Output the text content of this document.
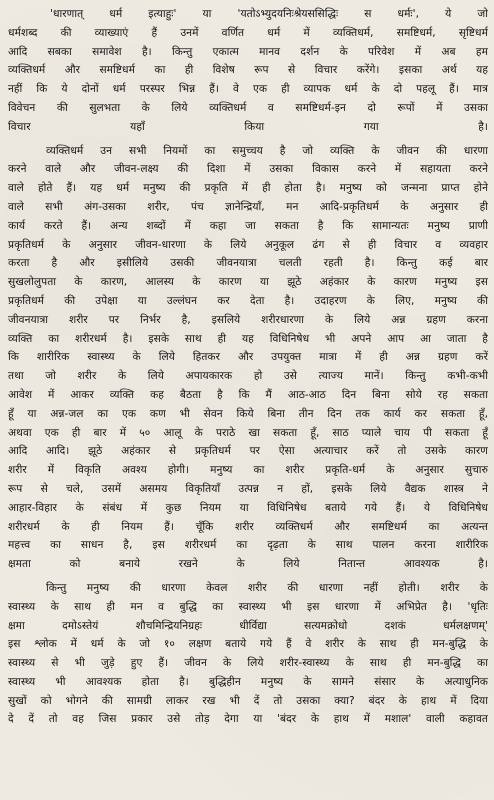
'धारणात् धर्म इत्याहुः' या 'यतोऽभ्युदयनिःश्रेयससिद्धिः स धर्मः', ये जो
धर्मशब्द की व्याख्याएं हैं उनमें वर्णित धर्म में व्यक्तिधर्म, समष्टिधर्म, सृष्टिधर्म
आदि सबका समावेश है। किन्तु एकात्म मानव दर्शन के परिवेश में अब हम
व्यक्तिधर्म और समष्टिधर्म का ही विशेष रूप से विचार करेंगे। इसका अर्थ यह
नहीं कि ये दोनों धर्म परस्पर भिन्न हैं। वे एक ही व्यापक धर्म के दो पहलू हैं। मात्र
विवेचन की सुलभता के लिये व्यक्तिधर्म व समष्टिधर्म-इन दो रूपों में उसका
विचार यहाँ किया गया है।
व्यक्तिधर्म उन सभी नियमों का समुच्चय है जो व्यक्ति के जीवन की धारणा
करने वाले और जीवन-लक्ष्य की दिशा में उसका विकास करने में सहायता करने
वाले होते हैं। यह धर्म मनुष्य की प्रकृति में ही होता है। मनुष्य को जन्मना प्राप्त होने
वाले सभी अंग-उसका शरीर, पंच ज्ञानेन्द्रियाँ, मन आदि-प्रकृतिधर्म के अनुसार ही
कार्य करते हैं। अन्य शब्दों में कहा जा सकता है कि सामान्यतः मनुष्य प्राणी
प्रकृतिधर्म के अनुसार जीवन-धारणा के लिये अनुकूल ढंग से ही विचार व व्यवहार
करता है और इसीलिये उसकी जीवनयात्रा चलती रहती है। किन्तु कई बार
सुखलोलुपता के कारण, आलस्य के कारण या झूठे अहंकार के कारण मनुष्य इस
प्रकृतिधर्म की उपेक्षा या उल्लंघन कर देता है। उदाहरण के लिए, मनुष्य की
जीवनयात्रा शरीर पर निर्भर है, इसलिये शरीरधारणा के लिये अन्न ग्रहण करना
व्यक्ति का शरीरधर्म है। इसके साथ ही यह विधिनिषेध भी अपने आप आ जाता है
कि शारीरिक स्वास्थ्य के लिये हितकर और उपयुक्त मात्रा में ही अन्न ग्रहण करें
तथा जो शरीर के लिये अपायकारक हो उसे त्याज्य मानें। किन्तु कभी-कभी
आवेश में आकर व्यक्ति कह बैठता है कि मैं आठ-आठ दिन बिना सोये रह सकता
हूँ या अन्न-जल का एक कण भी सेवन किये बिना तीन दिन तक कार्य कर सकता हूँ,
अथवा एक ही बार में ५० आलू के पराठे खा सकता हूँ, साठ प्याले चाय पी सकता हूँ
आदि आदि। झूठे अहंकार से प्रकृतिधर्म पर ऐसा अत्याचार करें तो उसके कारण
शरीर में विकृति अवश्य होगी। मनुष्य का शरीर प्रकृति-धर्म के अनुसार सुचारु
रूप से चले, उसमें असमय विकृतियाँ उत्पन्न न हों, इसके लिये वैद्यक शास्त्र ने
आहार-विहार के संबंध में कुछ नियम या विधिनिषेध बताये गये हैं। ये विधिनिषेध
शरीरधर्म के ही नियम हैं। चूँकि शरीर व्यक्तिधर्म और समष्टिधर्म का अत्यन्त
महत्त्व का साधन है, इस शरीरधर्म का दृढ़ता के साथ पालन करना शारीरिक
क्षमता को बनाये रखने के लिये नितान्त आवश्यक है।
किन्तु मनुष्य की धारणा केवल शरीर की धारणा नहीं होती। शरीर के
स्वास्थ्य के साथ ही मन व बुद्धि का स्वास्थ्य भी इस धारणा में अभिप्रेत है। 'धृतिः
क्षमा दमोऽस्तेयं शौचमिन्द्रियनिग्रहः धीर्विद्या सत्यमक्रोधो दशकं धर्मलक्षणम्'
इस श्लोक में धर्म के जो १० लक्षण बताये गये हैं वे शरीर के साथ ही मन-बुद्धि के
स्वास्थ्य से भी जुड़े हुए हैं। जीवन के लिये शरीर-स्वास्थ्य के साथ ही मन-बुद्धि का
स्वास्थ्य भी आवश्यक होता है। बुद्धिहीन मनुष्य के सामने संसार के अत्याधुनिक
सुखों को भोगने की सामग्री लाकर रख भी दें तो उसका क्या? बंदर के हाथ में दिया
दे दें तो वह जिस प्रकार उसे तोड़ देगा या 'बंदर के हाथ में मशाल' वाली कहावत
